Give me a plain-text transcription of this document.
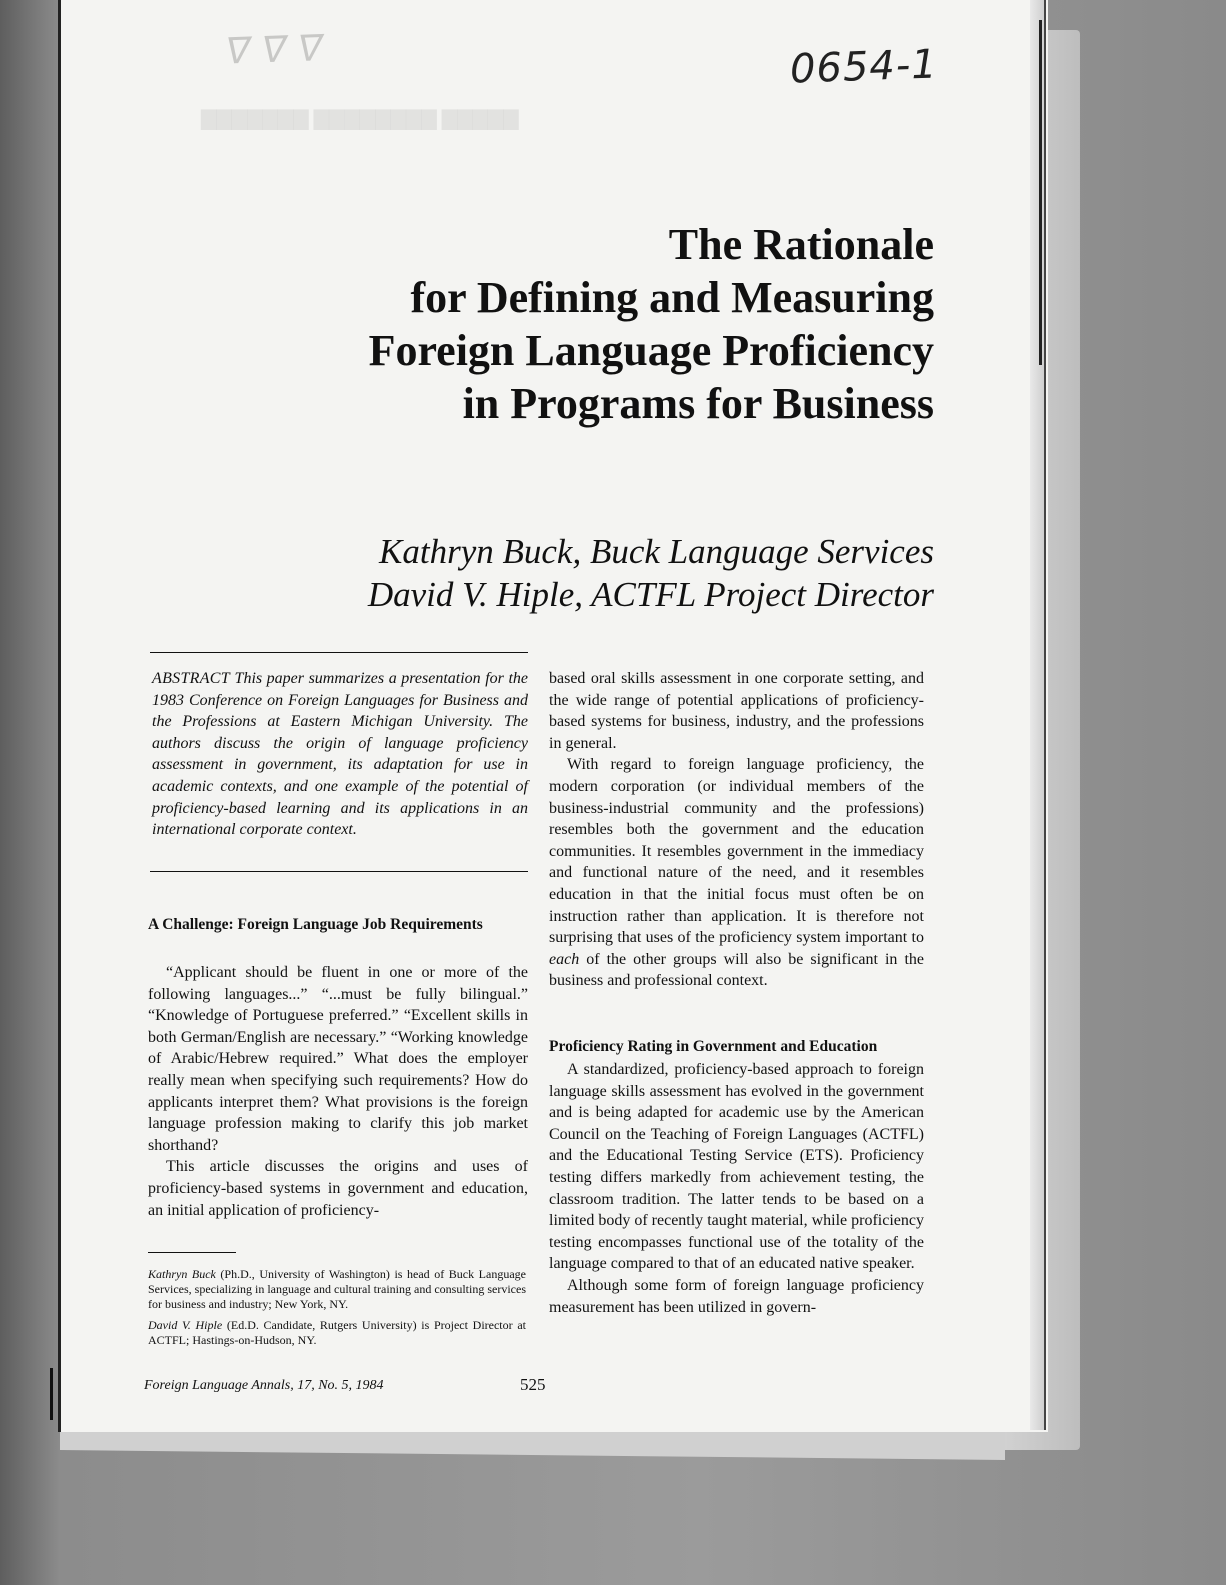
▇▇▇▇▇ ▇▇▇▇▇▇▇▇ ▇▇▇▇▇▇▇
ᐁ ᐁ ᐁ	0654-1
The Rationale
for Defining and Measuring
Foreign Language Proficiency
in Programs for Business
Kathryn Buck, Buck Language Services
David V. Hiple, ACTFL Project Director

ABSTRACT This paper summarizes a presentation for the 1983 Conference on Foreign Languages for Business and the Professions at Eastern Michigan University. The authors discuss the origin of language proficiency assessment in government, its adaptation for use in academic contexts, and one example of the potential of proficiency-based learning and its applications in an international corporate context.

A Challenge: Foreign Language Job Requirements

“Applicant should be fluent in one or more of the following languages...” “...must be fully bilingual.” “Knowledge of Portuguese preferred.” “Excellent skills in both German/English are necessary.” “Working knowledge of Arabic/Hebrew required.” What does the employer really mean when specifying such requirements? How do applicants interpret them? What provisions is the foreign language profession making to clarify this job market shorthand?

This article discusses the origins and uses of proficiency-based systems in government and education, an initial application of proficiency-

based oral skills assessment in one corporate setting, and the wide range of potential applications of proficiency-based systems for business, industry, and the professions in general.

With regard to foreign language proficiency, the modern corporation (or individual members of the business-industrial community and the professions) resembles both the government and the education communities. It resembles government in the immediacy and functional nature of the need, and it resembles education in that the initial focus must often be on instruction rather than application. It is therefore not surprising that uses of the proficiency system important to each of the other groups will also be significant in the business and professional context.

Proficiency Rating in Government and Education

A standardized, proficiency-based approach to foreign language skills assessment has evolved in the government and is being adapted for academic use by the American Council on the Teaching of Foreign Languages (ACTFL) and the Educational Testing Service (ETS). Proficiency testing differs markedly from achievement testing, the classroom tradition. The latter tends to be based on a limited body of recently taught material, while proficiency testing encompasses functional use of the totality of the language compared to that of an educated native speaker.

Although some form of foreign language proficiency measurement has been utilized in govern-

Kathryn Buck (Ph.D., University of Washington) is head of Buck Language Services, specializing in language and cultural training and consulting services for business and industry; New York, NY.

David V. Hiple (Ed.D. Candidate, Rutgers University) is Project Director at ACTFL; Hastings-on-Hudson, NY.

Foreign Language Annals, 17, No. 5, 1984	525
